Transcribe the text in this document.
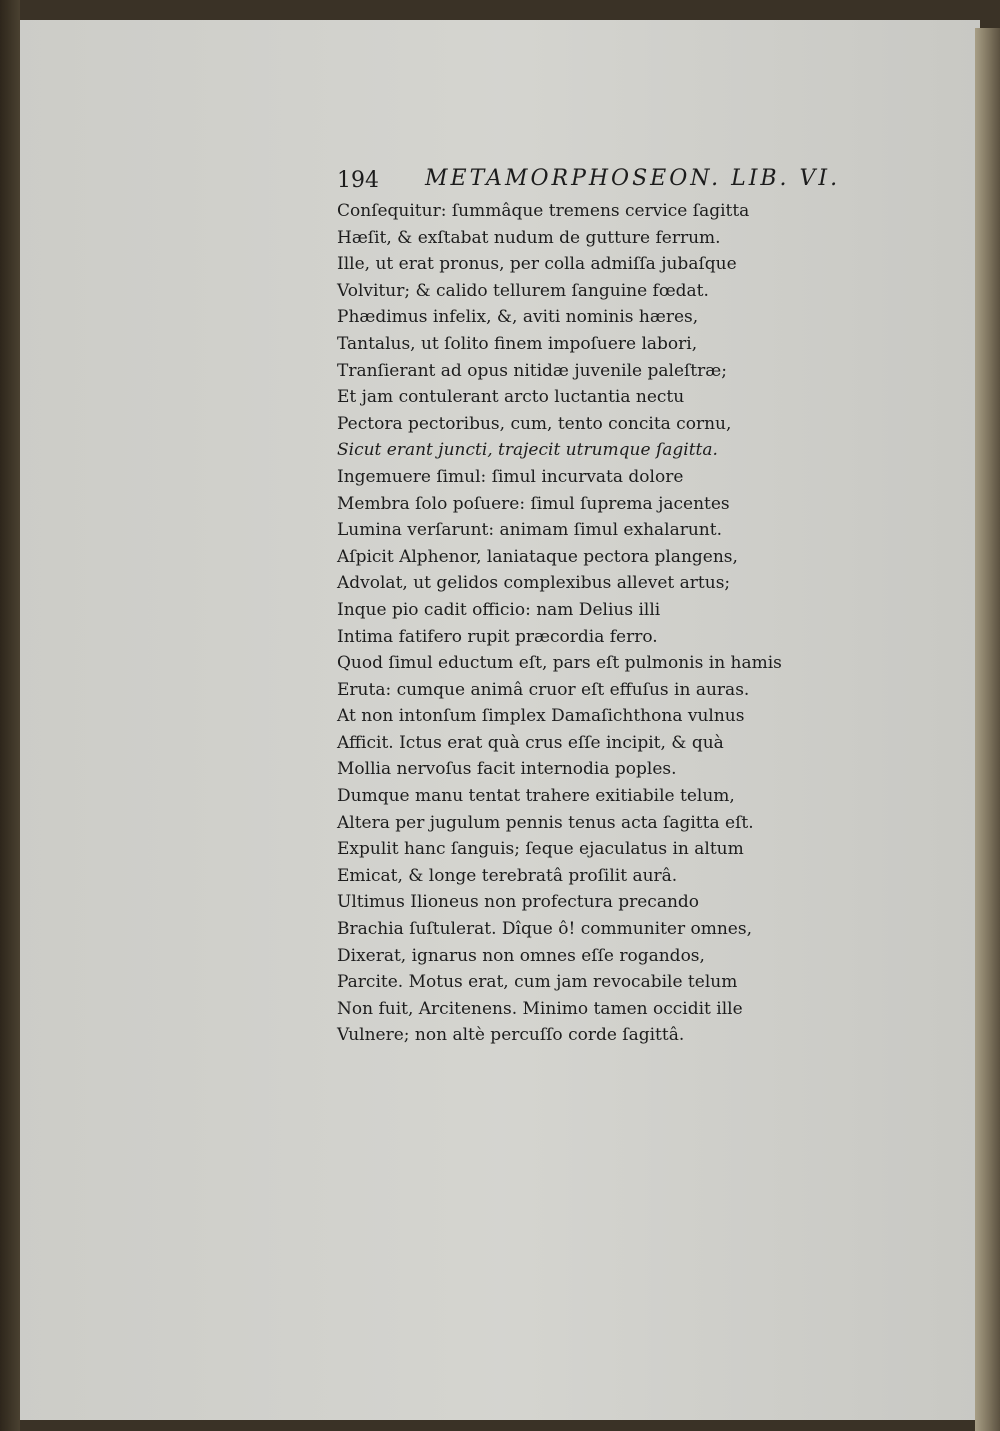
194 METAMORPHOSEON. LIB. VI.
Conſequitur: ſummâque tremens cervice ſagitta
Hæſit, & exſtabat nudum de gutture ferrum.
Ille, ut erat pronus, per colla admiſſa jubaſque
Volvitur; & calido tellurem ſanguine fœdat.
Phædimus infelix, &, aviti nominis hæres,
Tantalus, ut ſolito finem impoſuere labori,
Tranſierant ad opus nitidæ juvenile paleſtræ;
Et jam contulerant arcto luctantia nectu
Pectora pectoribus, cum, tento concita cornu,
Sicut erant juncti, trajecit utrumque ſagitta.
Ingemuere ſimul: ſimul incurvata dolore
Membra ſolo poſuere: ſimul ſuprema jacentes
Lumina verſarunt: animam ſimul exhalarunt.
Aſpicit Alphenor, laniataque pectora plangens,
Advolat, ut gelidos complexibus allevet artus;
Inque pio cadit officio: nam Delius illi
Intima fatifero rupit præcordia ferro.
Quod ſimul eductum eſt, pars eſt pulmonis in hamis
Eruta: cumque animâ cruor eſt effuſus in auras.
At non intonſum ſimplex Damaſichthona vulnus
Afficit. Ictus erat quà crus eſſe incipit, & quà
Mollia nervoſus facit internodia poples.
Dumque manu tentat trahere exitiabile telum,
Altera per jugulum pennis tenus acta ſagitta eſt.
Expulit hanc ſanguis; ſeque ejaculatus in altum
Emicat, & longe terebratâ proſilit aurâ.
Ultimus Ilioneus non profectura precando
Brachia ſuſtulerat. Dîque ô! communiter omnes,
Dixerat, ignarus non omnes eſſe rogandos,
Parcite. Motus erat, cum jam revocabile telum
Non fuit, Arcitenens. Minimo tamen occidit ille
Vulnere; non altè percuſſo corde ſagittâ.
